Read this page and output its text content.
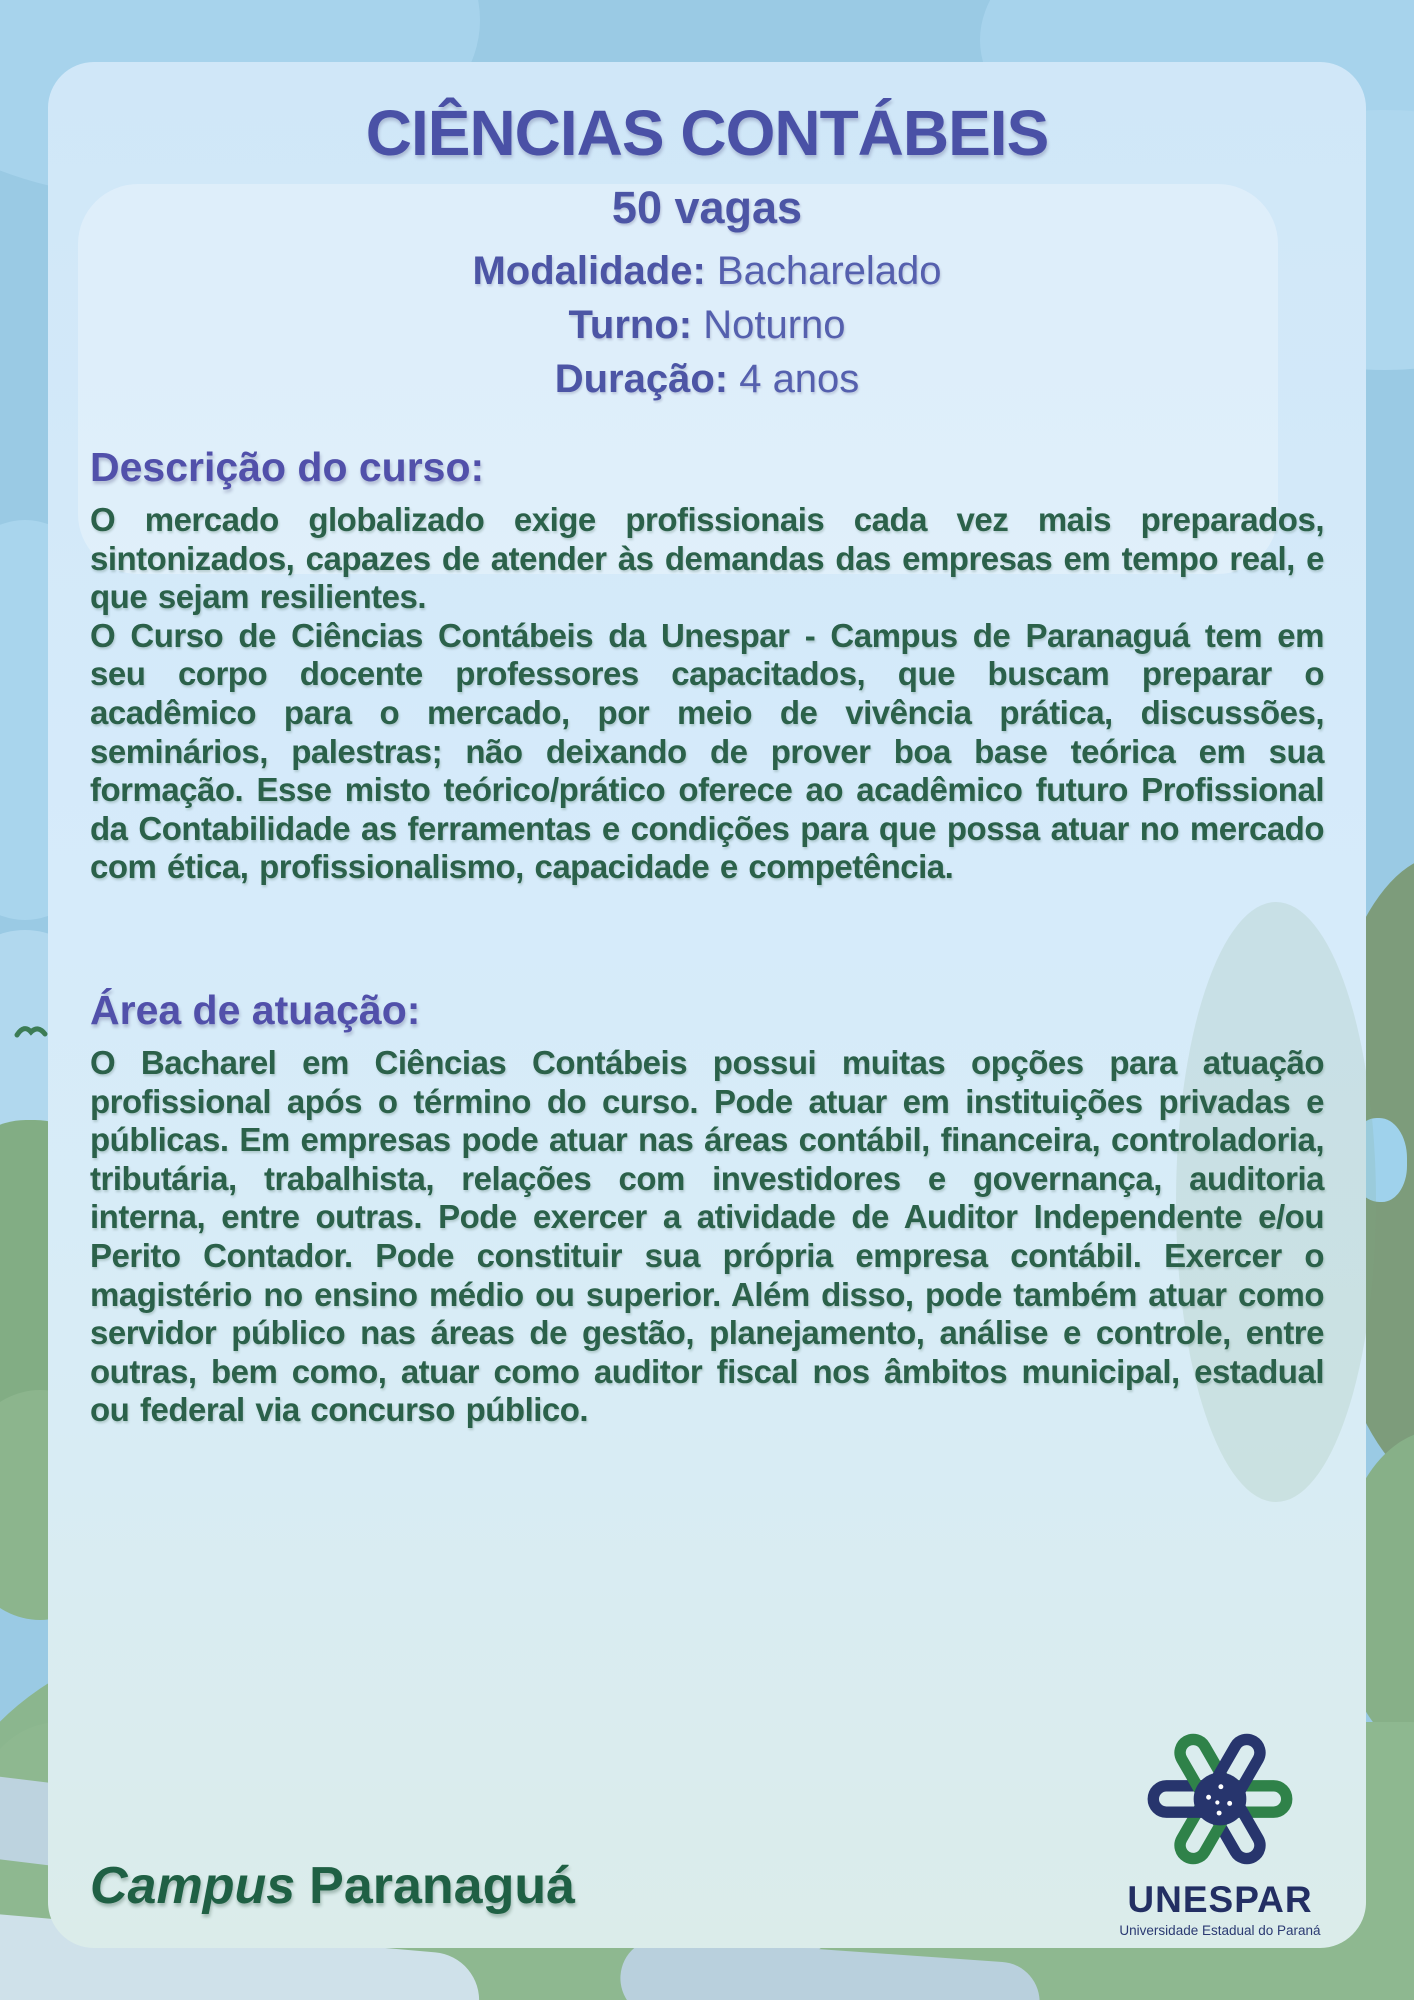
CIÊNCIAS CONTÁBEIS
50 vagas
Modalidade: Bacharelado
Turno: Noturno
Duração: 4 anos
Descrição do curso:
O mercado globalizado exige profissionais cada vez mais preparados, sintonizados, capazes de atender às demandas das empresas em tempo real, e que sejam resilientes.
O Curso de Ciências Contábeis da Unespar - Campus de Paranaguá tem em seu corpo docente professores capacitados, que buscam preparar o acadêmico para o mercado, por meio de vivência prática, discussões, seminários, palestras; não deixando de prover boa base teórica em sua formação. Esse misto teórico/prático oferece ao acadêmico futuro Profissional da Contabilidade as ferramentas e condições para que possa atuar no mercado com ética, profissionalismo, capacidade e competência.
Área de atuação:
O Bacharel em Ciências Contábeis possui muitas opções para atuação profissional após o término do curso. Pode atuar em instituições privadas e públicas. Em empresas pode atuar nas áreas contábil, financeira, controladoria, tributária, trabalhista, relações com investidores e governança, auditoria interna, entre outras. Pode exercer a atividade de Auditor Independente e/ou Perito Contador. Pode constituir sua própria empresa contábil. Exercer o magistério no ensino médio ou superior. Além disso, pode também atuar como servidor público nas áreas de gestão, planejamento, análise e controle, entre outras, bem como, atuar como auditor fiscal nos âmbitos municipal, estadual ou federal via concurso público.
Campus Paranaguá	UNESPAR
Universidade Estadual do Paraná
